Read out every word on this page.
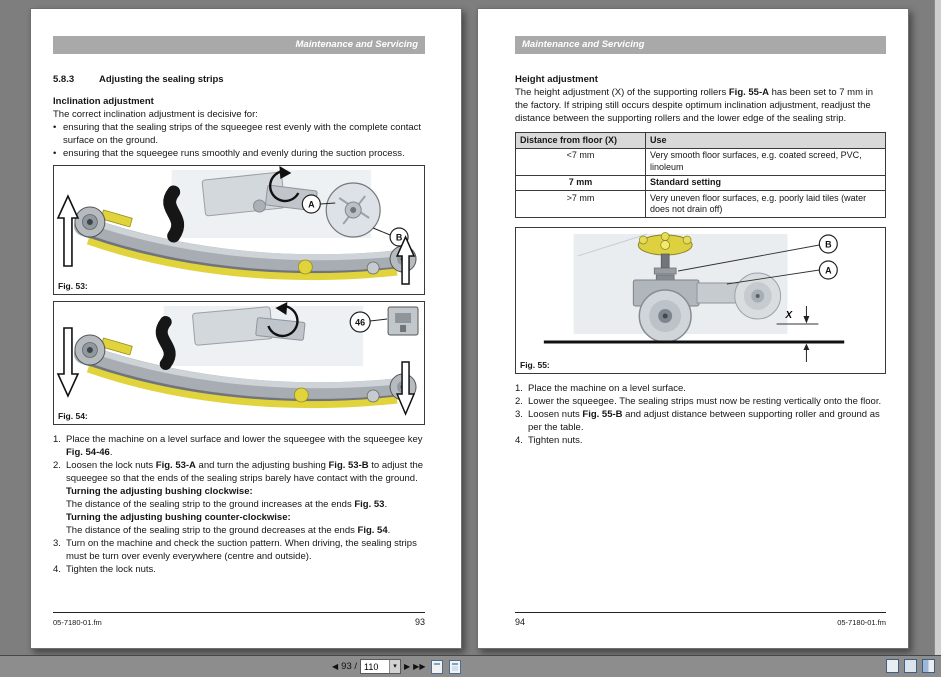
Maintenance and Servicing
5.8.3	Adjusting the sealing strips
Inclination adjustment
The correct inclination adjustment is decisive for:
• ensuring that the sealing strips of the squeegee rest evenly with the complete contact surface on the ground.
• ensuring that the squeegee runs smoothly and evenly during the suction process.
A
B
Fig. 53:
46
Fig. 54:
1. Place the machine on a level surface and lower the squeegee with the squeegee key Fig. 54-46.
2. Loosen the lock nuts Fig. 53-A and turn the adjusting bushing Fig. 53-B to adjust the squeegee so that the ends of the sealing strips barely have contact with the ground.
Turning the adjusting bushing clockwise:
The distance of the sealing strip to the ground increases at the ends Fig. 53.
Turning the adjusting bushing counter-clockwise:
The distance of the sealing strip to the ground decreases at the ends Fig. 54.
3. Turn on the machine and check the suction pattern. When driving, the sealing strips must be turn over evenly everywhere (centre and outside).
4. Tighten the lock nuts.
05-7180-01.fm	93
Maintenance and Servicing
Height adjustment
The height adjustment (X) of the supporting rollers Fig. 55-A has been set to 7 mm in the factory. If striping still occurs despite optimum inclination adjustment, readjust the distance between the supporting rollers and the lower edge of the sealing strip.
Distance from floor (X)	Use
<7 mm	Very smooth floor surfaces, e.g. coated screed, PVC, linoleum
7 mm	Standard setting
>7 mm	Very uneven floor surfaces, e.g. poorly laid tiles (water does not drain off)
X
B
A
Fig. 55:
1. Place the machine on a level surface.
2. Lower the squeegee. The sealing strips must now be resting vertically onto the floor.
3. Loosen nuts Fig. 55-B and adjust distance between supporting roller and ground as per the table.
4. Tighten nuts.
94	05-7180-01.fm
◀ 93 /
110	▾ ▶ ▶▶
